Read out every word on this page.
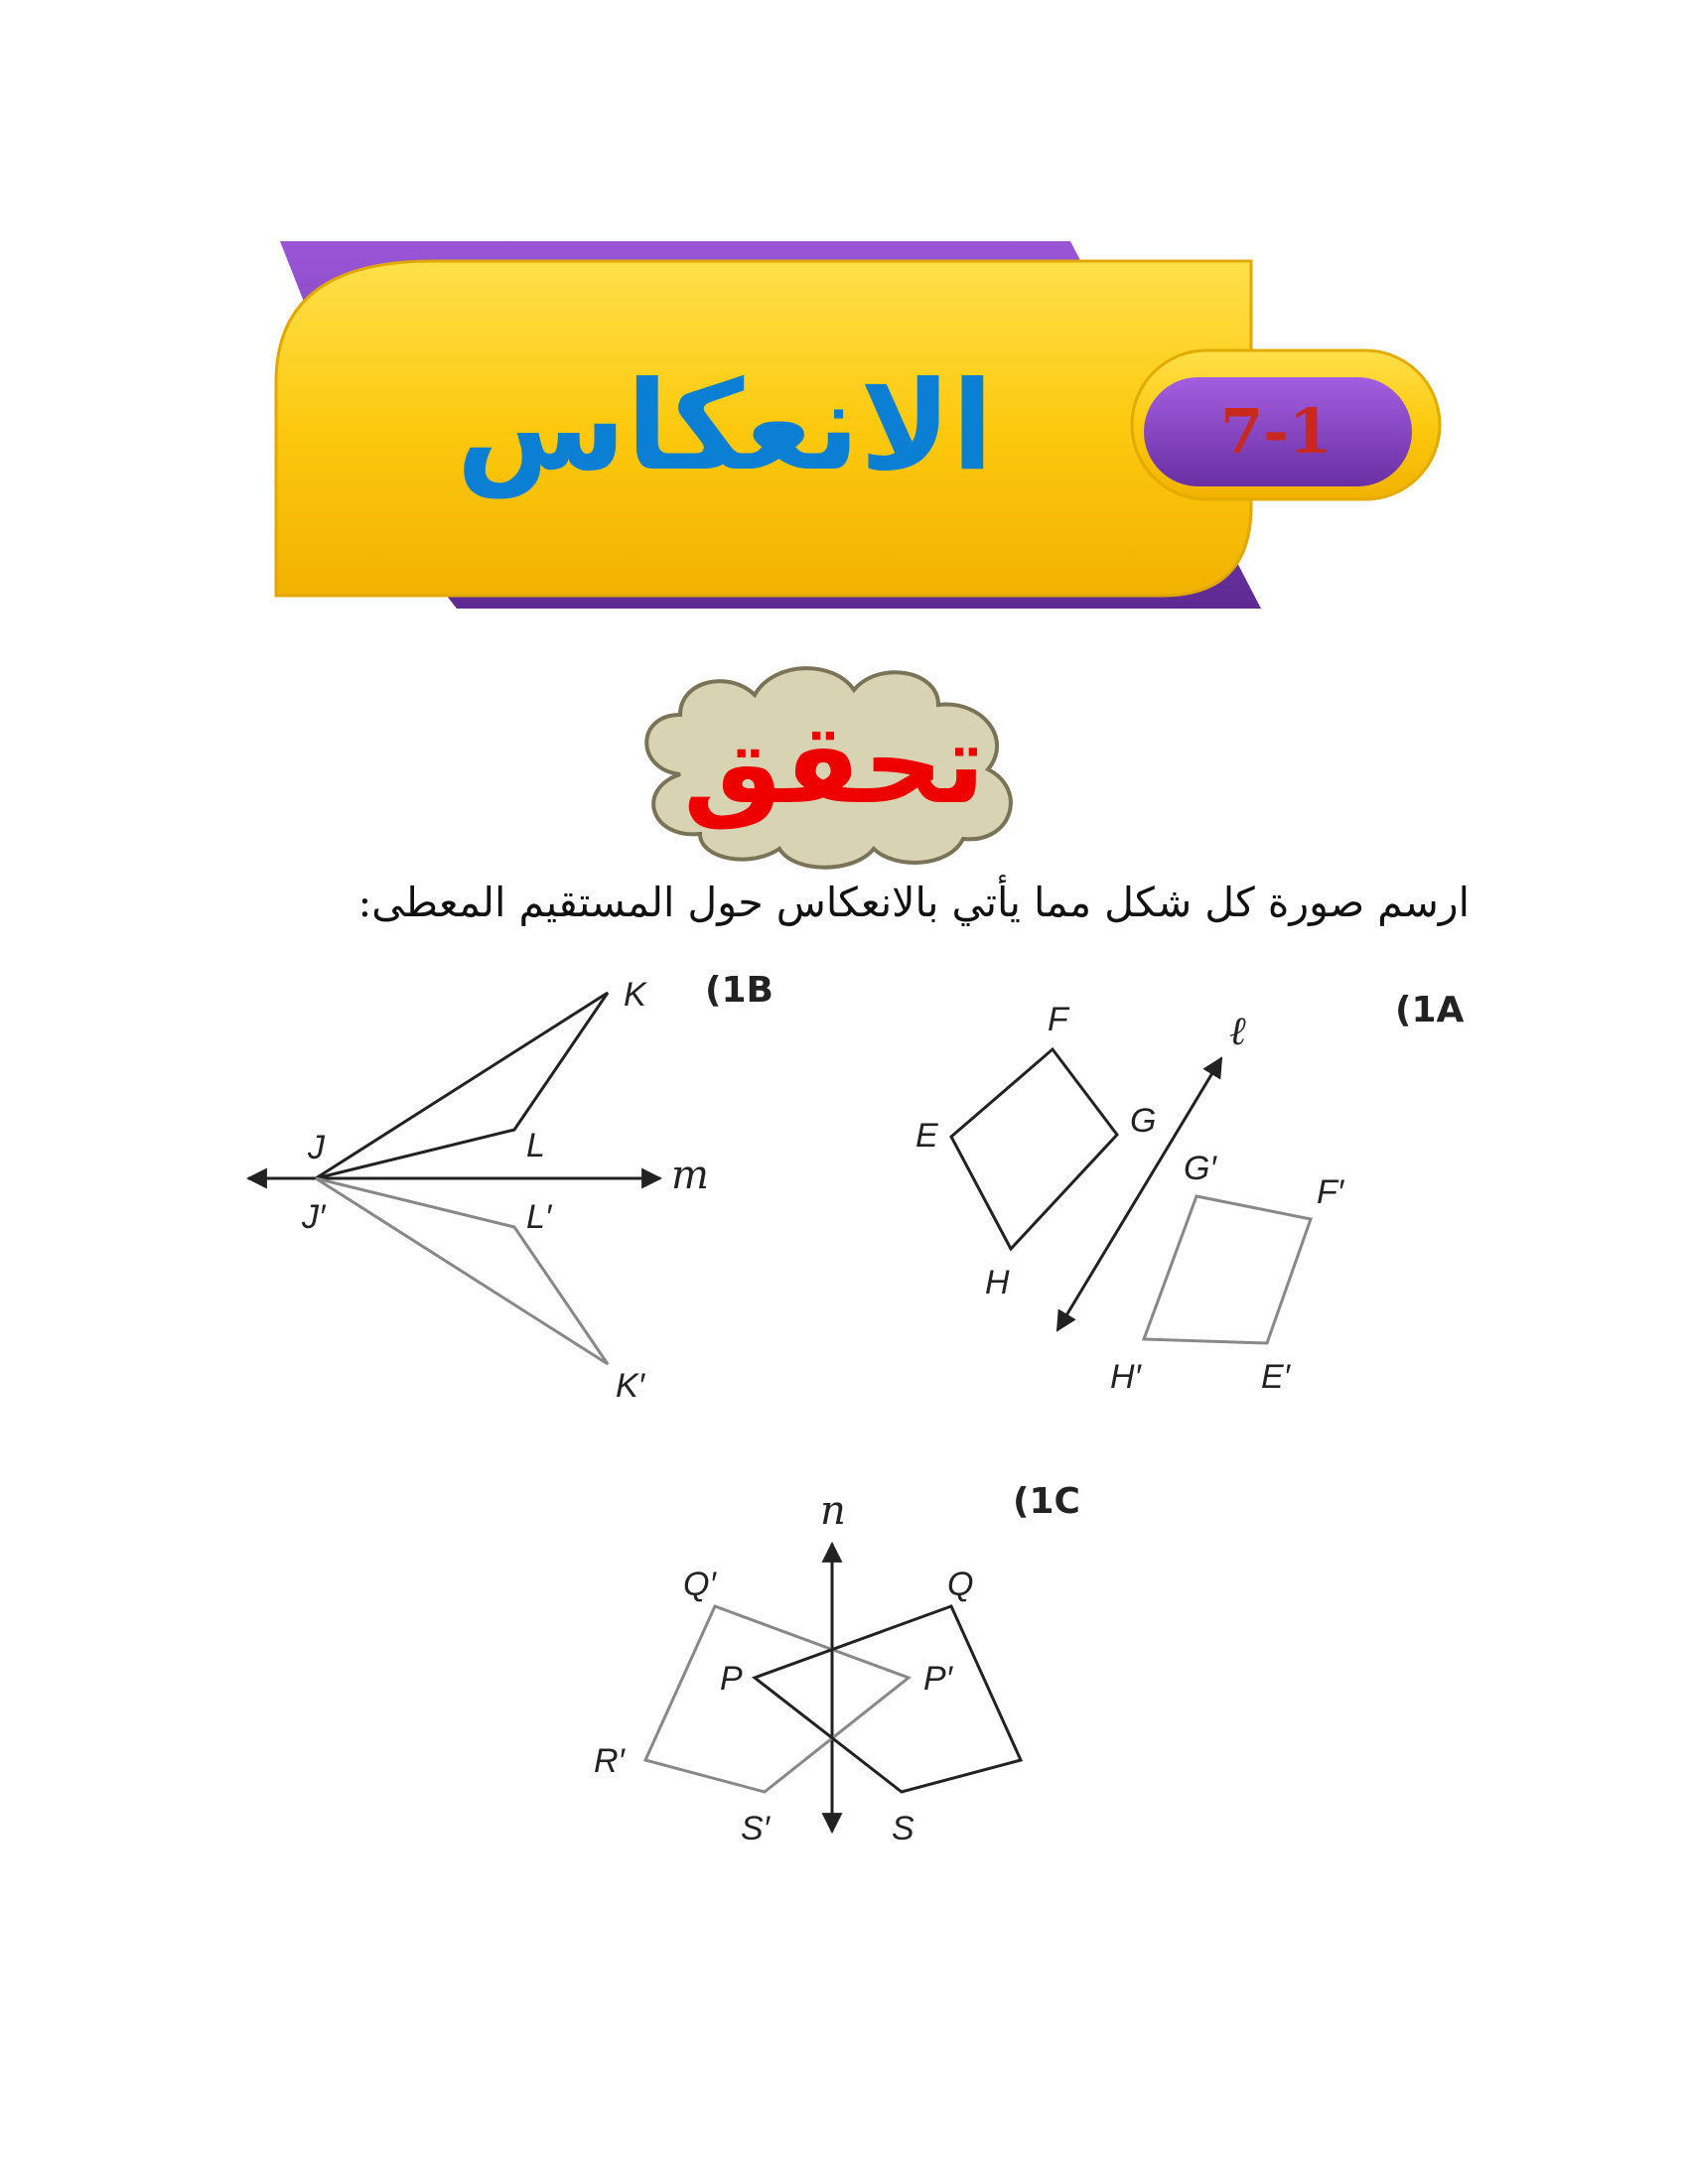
الانعكاس	7-1
تحقق
ارسم صورة كل شكل مما يأتي بالانعكاس حول المستقيم المعطى:
(1A
(1B
(1C
ℓ
F
E	G
H
G′
F′
H′	E′
m
K
J	L
J′	L′
K′
n
Q′	Q
P	P′
R′
S′	S
